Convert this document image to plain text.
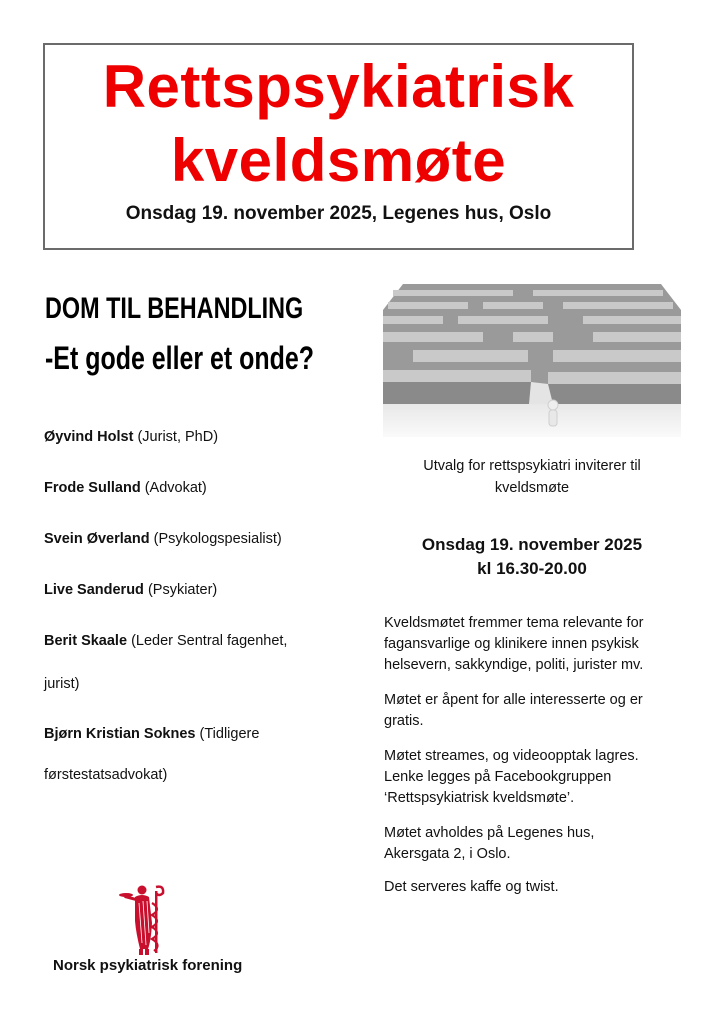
Rettspsykiatrisk
kveldsmøte
Onsdag 19. november 2025, Legenes hus, Oslo
DOM TIL BEHANDLING
-Et gode eller et onde?
Øyvind Holst (Jurist, PhD)
Frode Sulland (Advokat)
Svein Øverland (Psykologspesialist)
Live Sanderud (Psykiater)
Berit Skaale (Leder Sentral fagenhet,
jurist)
Bjørn Kristian Soknes (Tidligere
førstestatsadvokat)
Utvalg for rettspsykiatri inviterer til
kveldsmøte
Onsdag 19. november 2025
kl 16.30-20.00
Kveldsmøtet fremmer tema relevante for
fagansvarlige og klinikere innen psykisk
helsevern, sakkyndige, politi, jurister mv.
Møtet er åpent for alle interesserte og er
gratis.
Møtet streames, og videoopptak lagres.
Lenke legges på Facebookgruppen
‘Rettspsykiatrisk kveldsmøte’.
Møtet avholdes på Legenes hus,
Akersgata 2, i Oslo.
Det serveres kaffe og twist.
Norsk psykiatrisk forening
